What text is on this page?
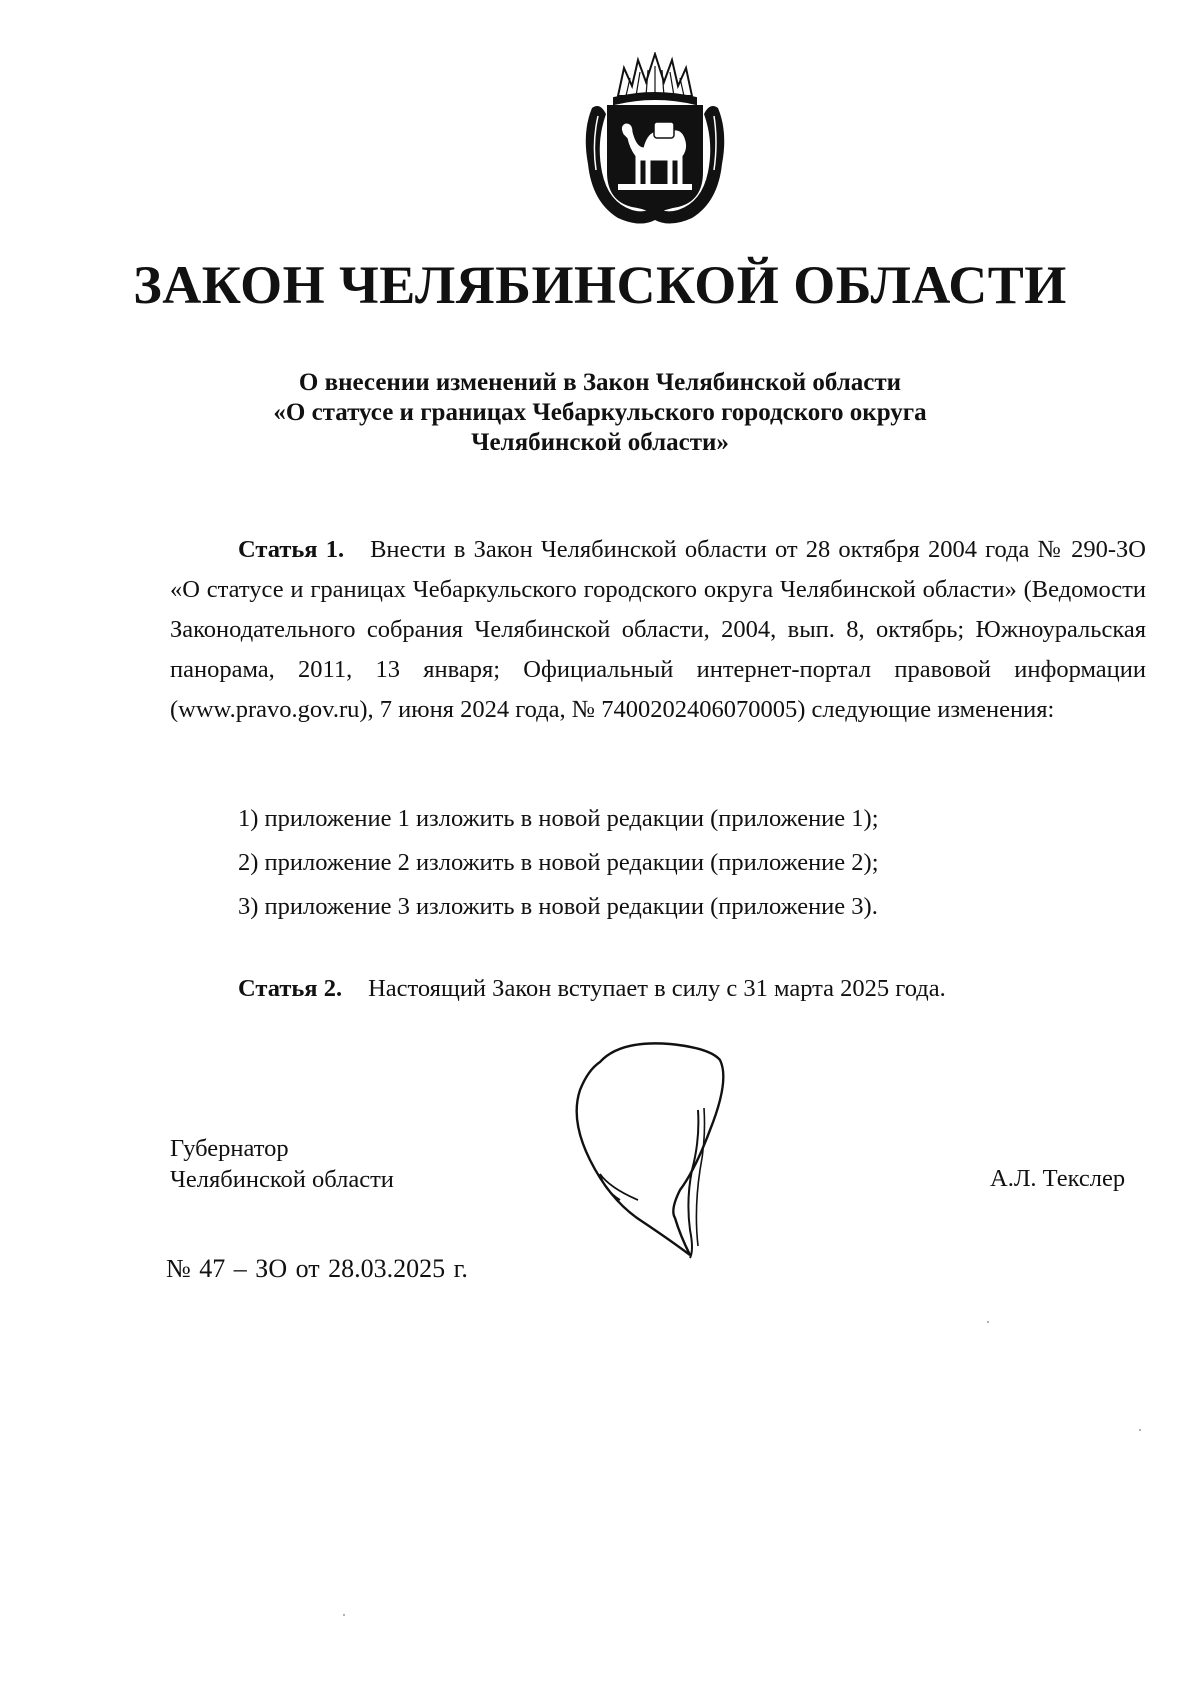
ЗАКОН ЧЕЛЯБИНСКОЙ ОБЛАСТИ
О внесении изменений в Закон Челябинской области
«О статусе и границах Чебаркульского городского округа
Челябинской области»

Статья 1. Внести в Закон Челябинской области от 28 октября 2004 года № 290-ЗО «О статусе и границах Чебаркульского городского округа Челябинской области» (Ведомости Законодательного собрания Челябинской области, 2004, вып. 8, октябрь; Южноуральская панорама, 2011, 13 января; Официальный интернет-портал правовой информации (www.pravo.gov.ru), 7 июня 2024 года, № 7400202406070005) следующие изменения:

1) приложение 1 изложить в новой редакции (приложение 1);
2) приложение 2 изложить в новой редакции (приложение 2);
3) приложение 3 изложить в новой редакции (приложение 3).

Статья 2. Настоящий Закон вступает в силу с 31 марта 2025 года.

Губернатор
Челябинской области	А.Л. Текслер

№ 47 – ЗО от 28.03.2025 г.
